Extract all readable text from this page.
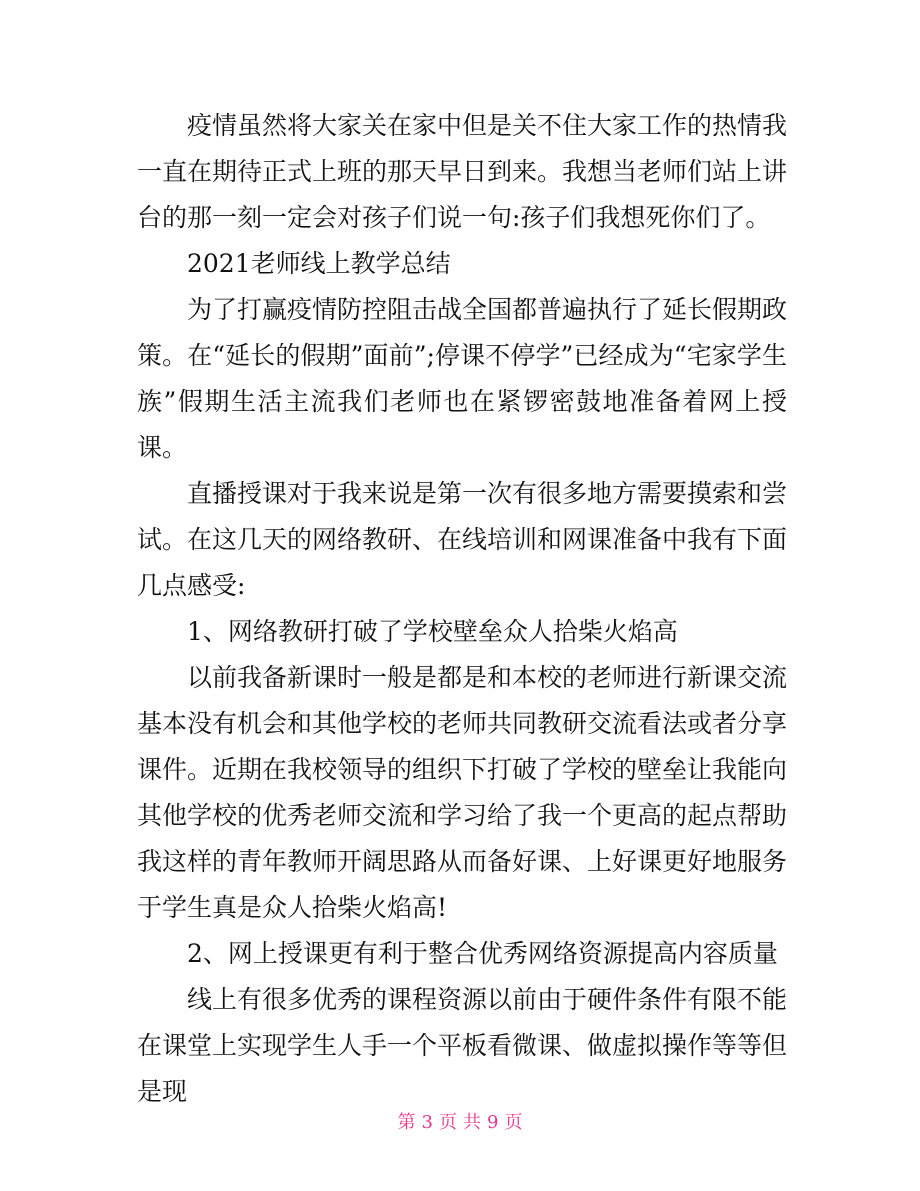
疫情虽然将大家关在家中但是关不住大家工作的热情我一直在期待正式上班的那天早日到来。我想当老师们站上讲台的那一刻一定会对孩子们说一句:孩子们我想死你们了。

2021老师线上教学总结

为了打赢疫情防控阻击战全国都普遍执行了延长假期政策。在“延长的假期”面前”;停课不停学”已经成为“宅家学生族”假期生活主流我们老师也在紧锣密鼓地准备着网上授课。

直播授课对于我来说是第一次有很多地方需要摸索和尝试。在这几天的网络教研、在线培训和网课准备中我有下面几点感受:

1、网络教研打破了学校壁垒众人拾柴火焰高

以前我备新课时一般是都是和本校的老师进行新课交流基本没有机会和其他学校的老师共同教研交流看法或者分享课件。近期在我校领导的组织下打破了学校的壁垒让我能向其他学校的优秀老师交流和学习给了我一个更高的起点帮助我这样的青年教师开阔思路从而备好课、上好课更好地服务于学生真是众人拾柴火焰高!

2、网上授课更有利于整合优秀网络资源提高内容质量

线上有很多优秀的课程资源以前由于硬件条件有限不能在课堂上实现学生人手一个平板看微课、做虚拟操作等等但是现

第 3 页 共 9 页
